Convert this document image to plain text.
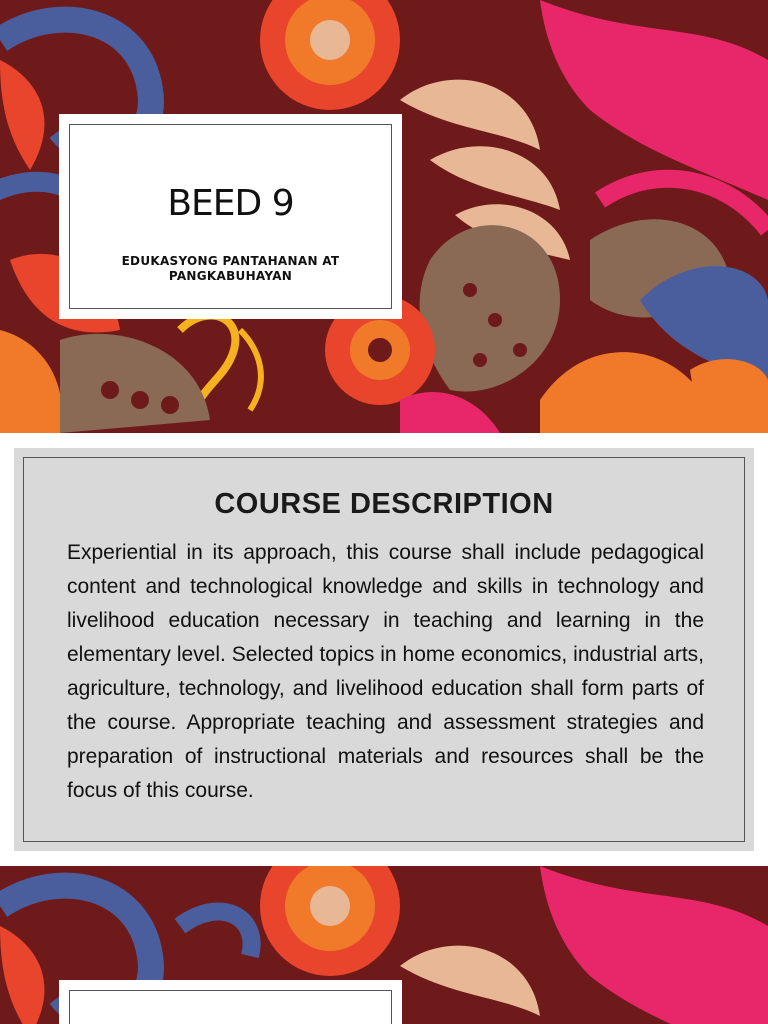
BEED 9
EDUKASYONG PANTAHANAN AT PANGKABUHAYAN
COURSE DESCRIPTION
Experiential in its approach, this course shall include pedagogical content and technological knowledge and skills in technology and livelihood education necessary in teaching and learning in the elementary level. Selected topics in home economics, industrial arts, agriculture, technology, and livelihood education shall form parts of the course. Appropriate teaching and assessment strategies and preparation of instructional materials and resources shall be the focus of this course.
